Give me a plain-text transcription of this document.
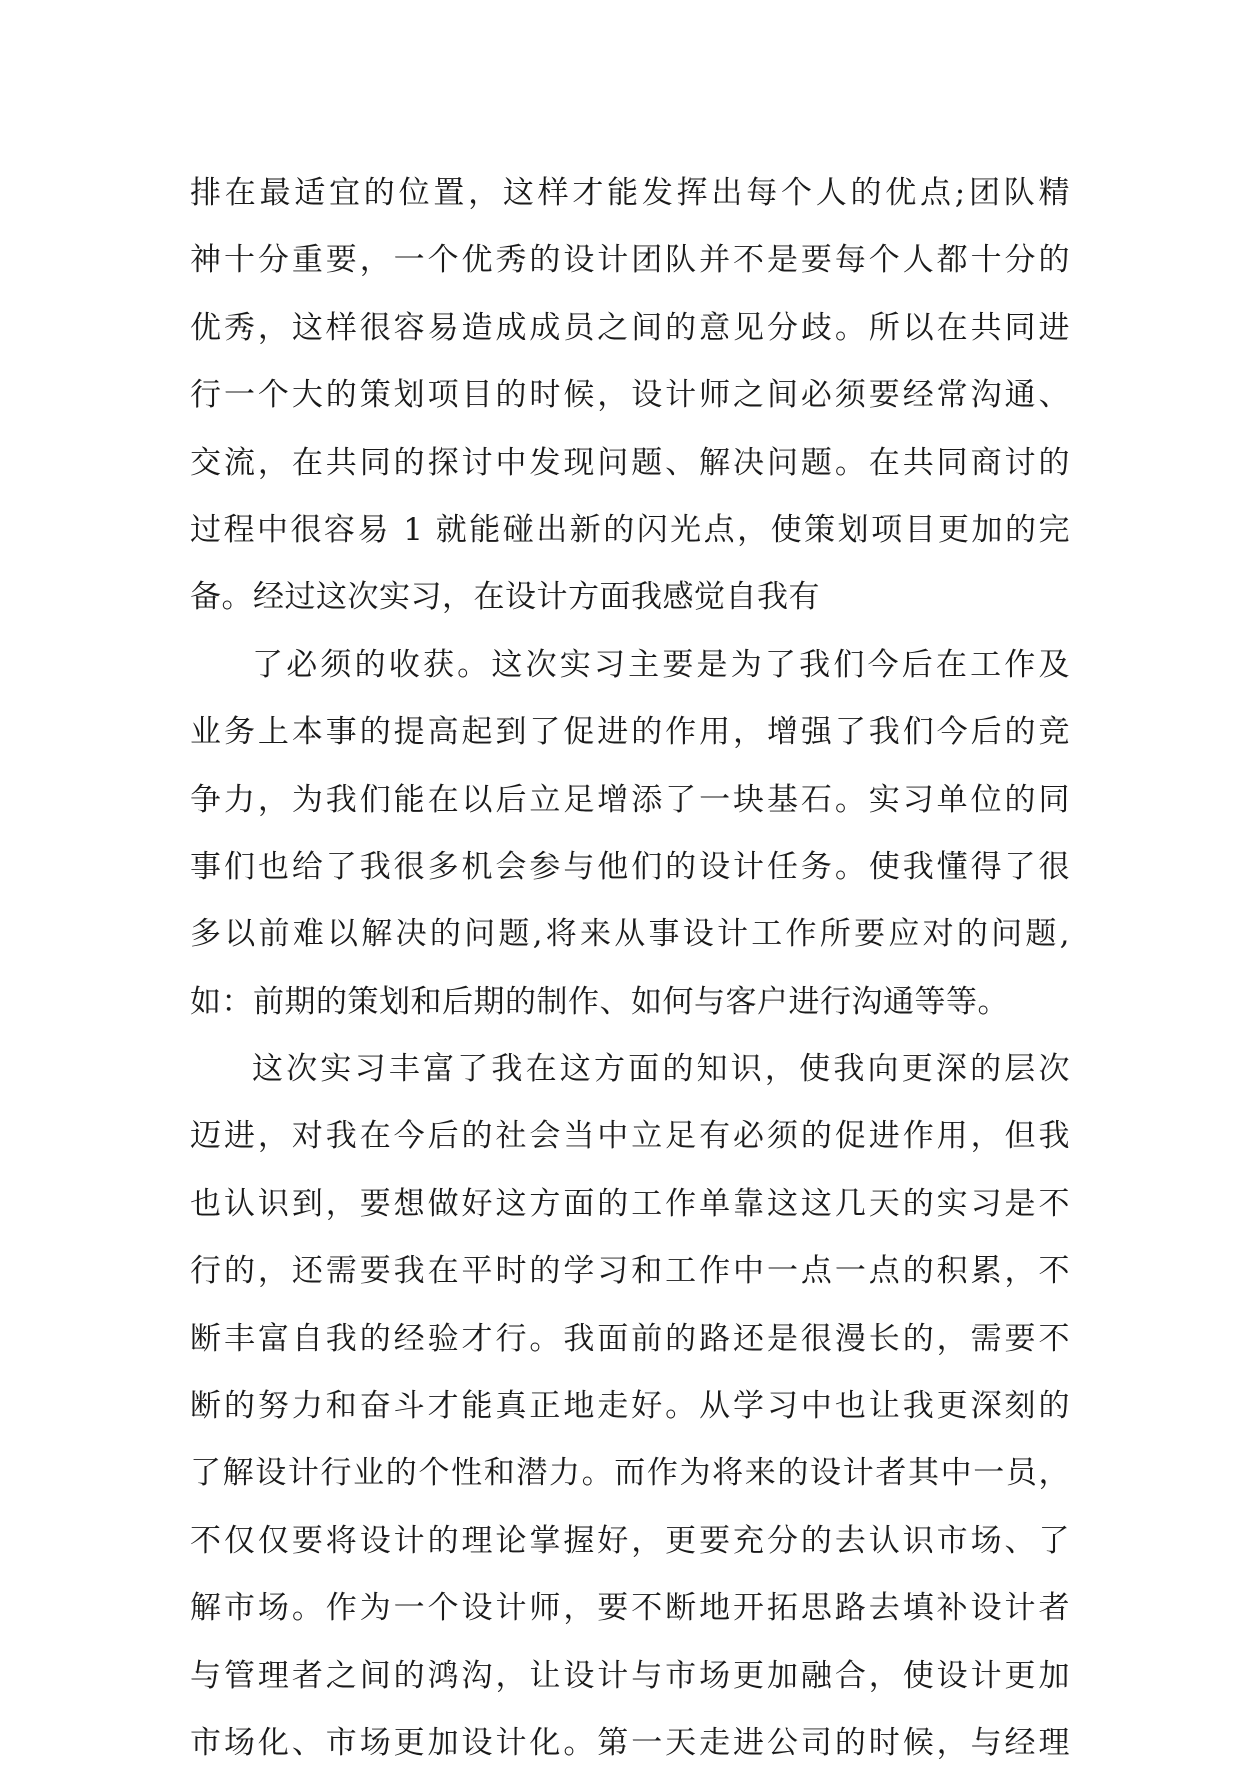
排在最适宜的位置，这样才能发挥出每个人的优点;团队精
神十分重要，一个优秀的设计团队并不是要每个人都十分的
优秀，这样很容易造成成员之间的意见分歧。所以在共同进
行一个大的策划项目的时候，设计师之间必须要经常沟通、
交流，在共同的探讨中发现问题、解决问题。在共同商讨的
过程中很容易 1 就能碰出新的闪光点，使策划项目更加的完
备。经过这次实习，在设计方面我感觉自我有
了必须的收获。这次实习主要是为了我们今后在工作及
业务上本事的提高起到了促进的作用，增强了我们今后的竞
争力，为我们能在以后立足增添了一块基石。实习单位的同
事们也给了我很多机会参与他们的设计任务。使我懂得了很
多以前难以解决的问题,将来从事设计工作所要应对的问题,
如：前期的策划和后期的制作、如何与客户进行沟通等等。
这次实习丰富了我在这方面的知识，使我向更深的层次
迈进，对我在今后的社会当中立足有必须的促进作用，但我
也认识到，要想做好这方面的工作单靠这这几天的实习是不
行的，还需要我在平时的学习和工作中一点一点的积累，不
断丰富自我的经验才行。我面前的路还是很漫长的，需要不
断的努力和奋斗才能真正地走好。从学习中也让我更深刻的
了解设计行业的个性和潜力。而作为将来的设计者其中一员，
不仅仅要将设计的理论掌握好，更要充分的去认识市场、了
解市场。作为一个设计师，要不断地开拓思路去填补设计者
与管理者之间的鸿沟，让设计与市场更加融合，使设计更加
市场化、市场更加设计化。第一天走进公司的时候，与经理
